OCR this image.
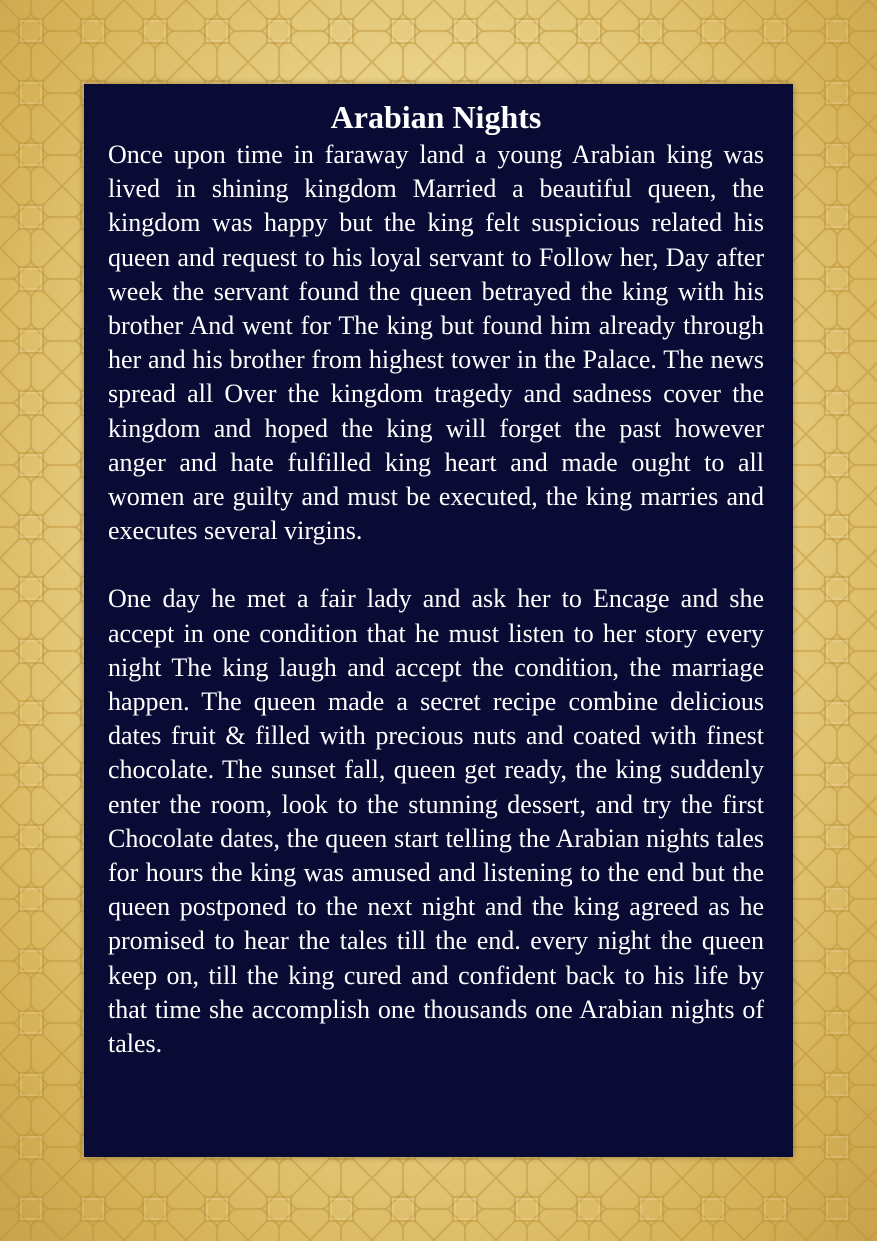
Arabian Nights

Once upon time in faraway land a young Arabian king was lived in shining kingdom Married a beautiful queen, the kingdom was happy but the king felt suspicious related his queen and request to his loyal servant to Follow her, Day after week the servant found the queen betrayed the king with his brother And went for The king but found him already through her and his brother from highest tower in the Palace. The news spread all Over the kingdom tragedy and sadness cover the kingdom and hoped the king will forget the past however anger and hate fulfilled king heart and made ought to all women are guilty and must be executed, the king marries and executes several virgins.

One day he met a fair lady and ask her to Encage and she accept in one condition that he must listen to her story every night The king laugh and accept the condition, the marriage happen. The queen made a secret recipe combine delicious dates fruit & filled with precious nuts and coated with finest chocolate. The sunset fall, queen get ready, the king suddenly enter the room, look to the stunning dessert, and try the first Chocolate dates, the queen start telling the Arabian nights tales for hours the king was amused and listening to the end but the queen postponed to the next night and the king agreed as he promised to hear the tales till the end. every night the queen keep on, till the king cured and confident back to his life by that time she accomplish one thousands one Arabian nights of tales.
